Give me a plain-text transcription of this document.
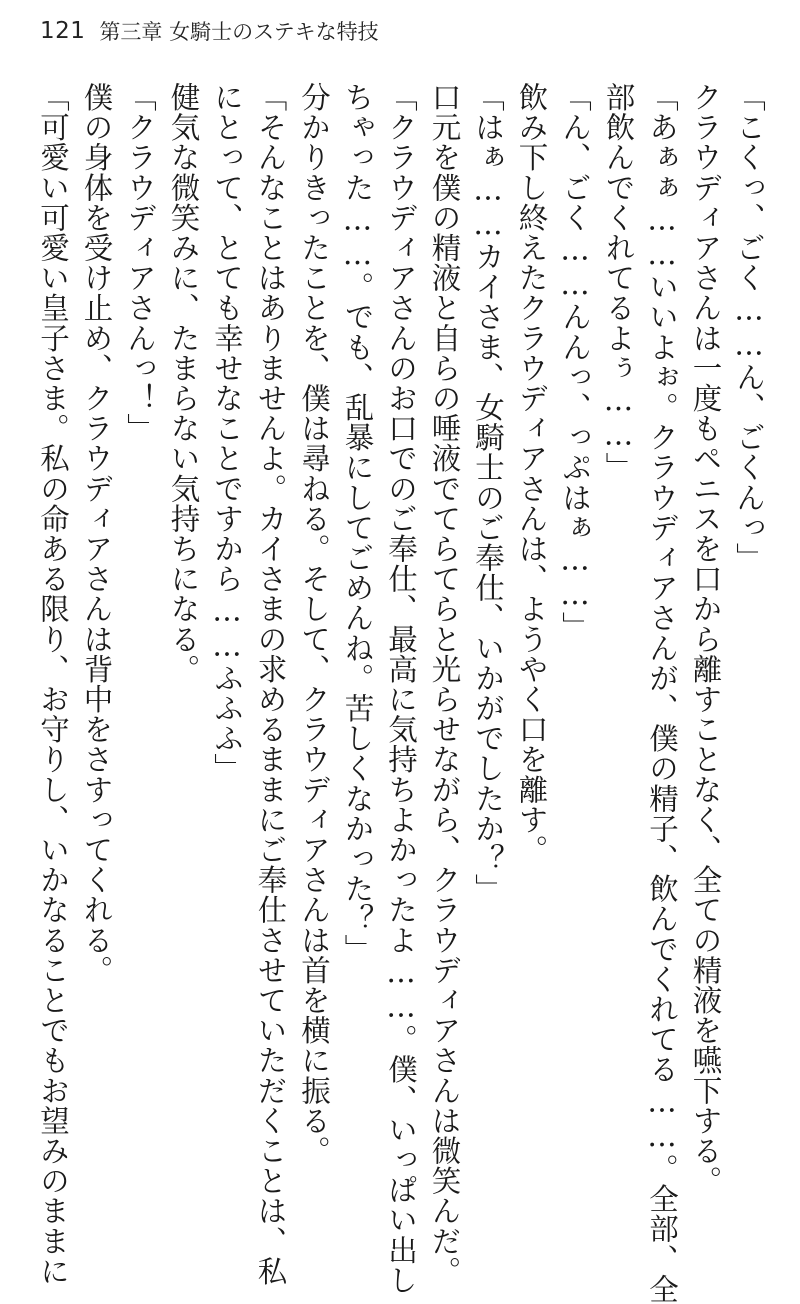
121 第三章 女騎士のステキな特技
「こくっ、ごく……ん、ごくんっ」
クラウディアさんは一度もペニスを口から離すことなく、全ての精液を嚥下する。
「あぁぁ……いいよぉ。クラウディアさんが、僕の精子、飲んでくれてる……。全部、全
部飲んでくれてるよぅ……」
「ん、ごく……んんっ、っぷはぁ……」
飲み下し終えたクラウディアさんは、ようやく口を離す。
「はぁ……カイさま、女騎士のご奉仕、いかがでしたか？」
口元を僕の精液と自らの唾液でてらてらと光らせながら、クラウディアさんは微笑んだ。
「クラウディアさんのお口でのご奉仕、最高に気持ちよかったよ……。僕、いっぱい出し
ちゃった……。でも、乱暴にしてごめんね。苦しくなかった？」
分かりきったことを、僕は尋ねる。そして、クラウディアさんは首を横に振る。
「そんなことはありませんよ。カイさまの求めるままにご奉仕させていただくことは、私
にとって、とても幸せなことですから……ふふふ」
健気な微笑みに、たまらない気持ちになる。
「クラウディアさんっ！」
僕の身体を受け止め、クラウディアさんは背中をさすってくれる。
「可愛い可愛い皇子さま。私の命ある限り、お守りし、いかなることでもお望みのままに
